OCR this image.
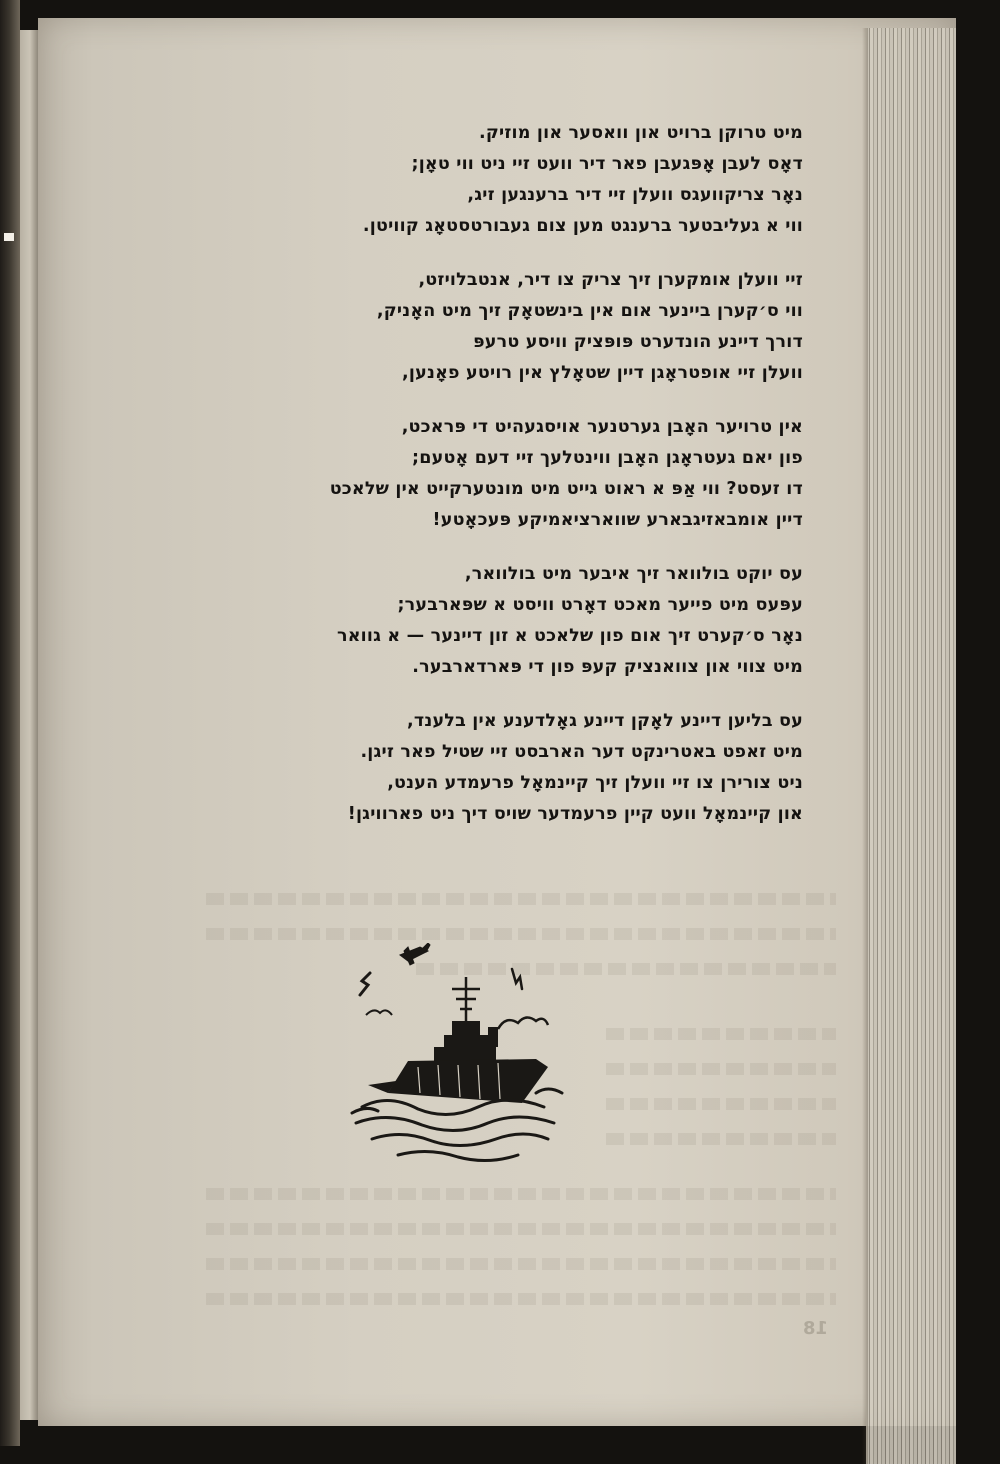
מיט טרוקן ברויט און וואסער און מוזיק.
דאָס לעבן אָפּגעבן פאר דיר וועט זיי ניט ווי טאָן;
נאָר צריקוועגס וועלן זיי דיר ברענגען זיג,
ווי א געליבטער ברענגט מען צום געבורטסטאָג קוויטן.
זיי וועלן אומקערן זיך צריק צו דיר, אנטבלויזט,
ווי ס׳קערן ביינער אום אין בינשטאָק זיך מיט האָניק,
דורך דיינע הונדערט פּופּציק וויסע טרעפּ
וועלן זיי אופטראָגן דיין שטאָלץ אין רויטע פאָנען,
אין טרויער האָבן גערטנער אויסגעהיט די פּראכט,
פון יאם געטראָגן האָבן ווינטלעך זיי דעם אָטעם;
דו זעסט? ווי אַפּ א ראוט גייט מיט מונטערקייט אין שלאכט
דיין אומבאזיגבארע שווארציאמיקע פּעכאָטע!
עס יוקט בולוואר זיך איבער מיט בולוואר,
עפּעס מיט פייער מאכט דאָרט וויסט א שפּארבער;
נאָר ס׳קערט זיך אום פון שלאכט א זון דיינער — א גוואר
מיט צווי און צוואנציק קעפּ פון די פּארדארבער.
עס בליען דיינע לאָקן דיינע גאָלדענע אין בלענד,
מיט זאפט באטרינקט דער הארבסט זיי שטיל פאר זיגן.
ניט צורירן צו זיי וועלן זיך קיינמאָל פרעמדע הענט,
און קיינמאָל וועט קיין פרעמדער שויס דיך ניט פארוויגן!
18
